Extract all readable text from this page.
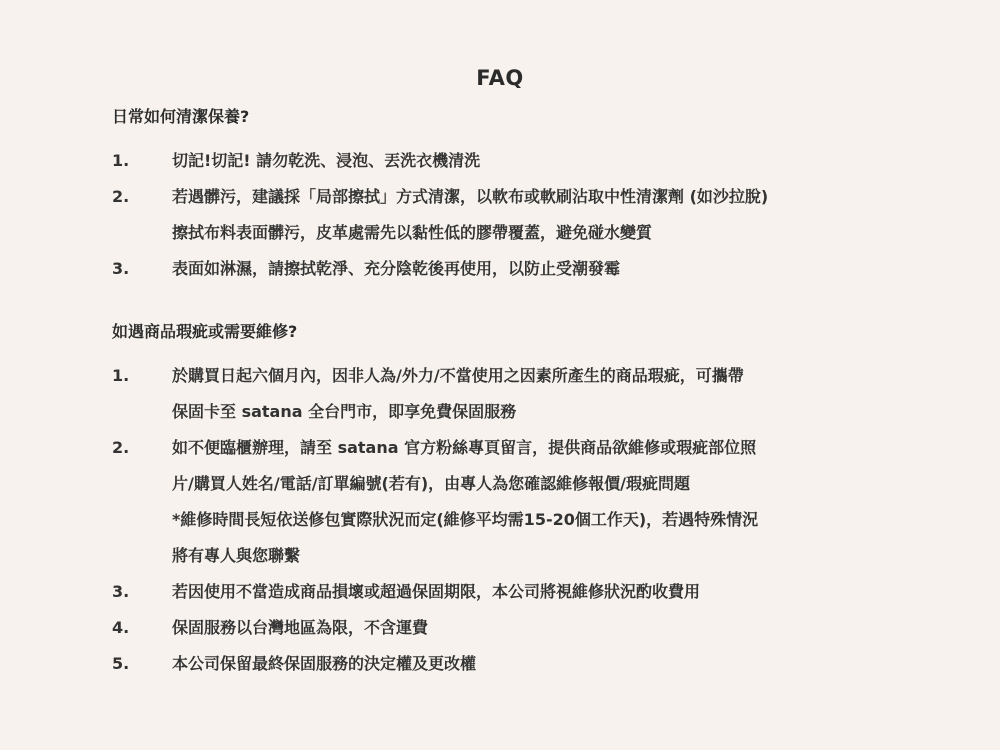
FAQ
日常如何清潔保養?
1.	切記!切記! 請勿乾洗、浸泡、丟洗衣機清洗
2.	若遇髒污，建議採「局部擦拭」方式清潔，以軟布或軟刷沾取中性清潔劑 (如沙拉脫)
擦拭布料表面髒污，皮革處需先以黏性低的膠帶覆蓋，避免碰水變質
3.	表面如淋濕，請擦拭乾淨、充分陰乾後再使用，以防止受潮發霉
如遇商品瑕疵或需要維修?
1.	於購買日起六個月內，因非人為/外力/不當使用之因素所產生的商品瑕疵，可攜帶
保固卡至 satana 全台門市，即享免費保固服務
2.	如不便臨櫃辦理，請至 satana 官方粉絲專頁留言，提供商品欲維修或瑕疵部位照
片/購買人姓名/電話/訂單編號(若有)，由專人為您確認維修報價/瑕疵問題
*維修時間長短依送修包實際狀況而定(維修平均需15-20個工作天)，若遇特殊情況
將有專人與您聯繫
3.	若因使用不當造成商品損壞或超過保固期限，本公司將視維修狀況酌收費用
4.	保固服務以台灣地區為限，不含運費
5.	本公司保留最終保固服務的決定權及更改權
